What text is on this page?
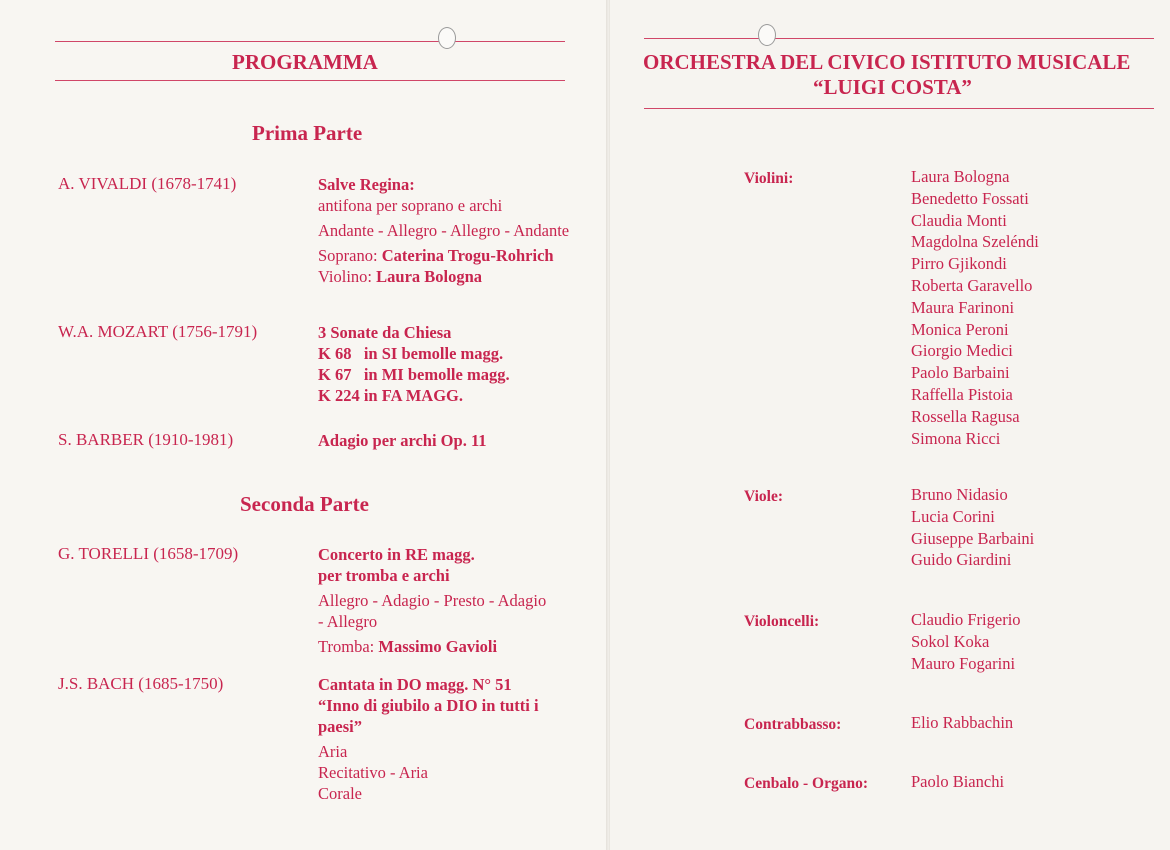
PROGRAMMA
Prima Parte
A. VIVALDI (1678-1741)	Salve Regina:
antifona per soprano e archi
Andante - Allegro - Allegro - Andante
Soprano: Caterina Trogu-Rohrich
Violino: Laura Bologna
W.A. MOZART (1756-1791)	3 Sonate da Chiesa
K 68   in SI bemolle magg.
K 67   in MI bemolle magg.
K 224 in FA MAGG.
S. BARBER (1910-1981)	Adagio per archi Op. 11
Seconda Parte
G. TORELLI (1658-1709)	Concerto in RE magg.
per tromba e archi
Allegro - Adagio - Presto - Adagio - Allegro
Tromba: Massimo Gavioli
J.S. BACH (1685-1750)	Cantata in DO magg. N° 51
“Inno di giubilo a DIO in tutti i paesi”
Aria
Recitativo - Aria
Corale
ORCHESTRA DEL CIVICO ISTITUTO MUSICALE
“LUIGI COSTA”
Violini:	Laura Bologna
Benedetto Fossati
Claudia Monti
Magdolna Szeléndi
Pirro Gjikondi
Roberta Garavello
Maura Farinoni
Monica Peroni
Giorgio Medici
Paolo Barbaini
Raffella Pistoia
Rossella Ragusa
Simona Ricci
Viole:	Bruno Nidasio
Lucia Corini
Giuseppe Barbaini
Guido Giardini
Violoncelli:	Claudio Frigerio
Sokol Koka
Mauro Fogarini
Contrabbasso:	Elio Rabbachin
Cenbalo - Organo:	Paolo Bianchi
